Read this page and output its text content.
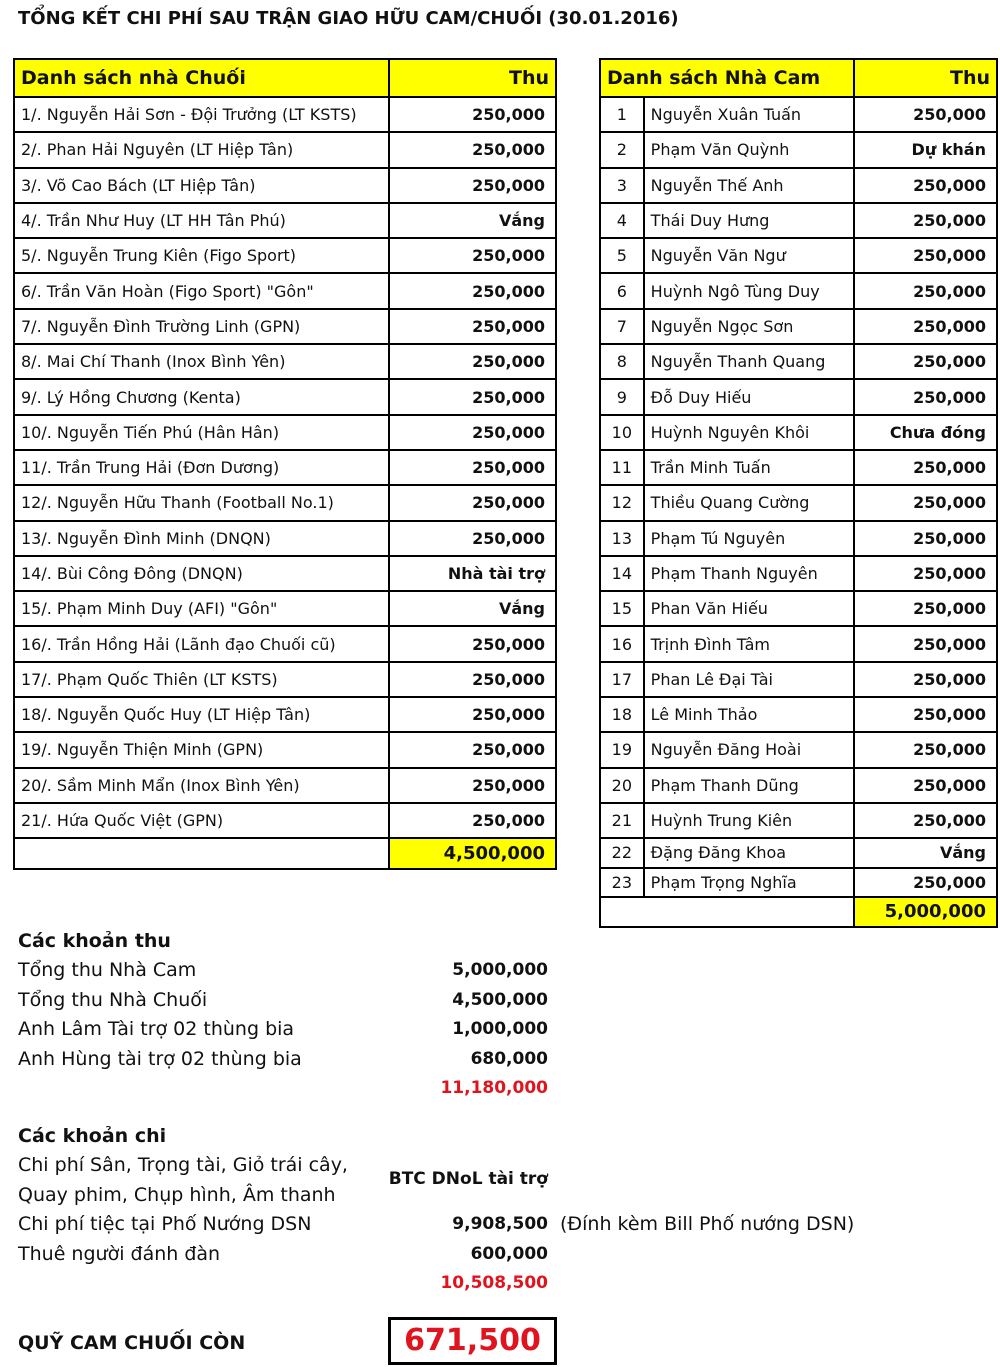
TỔNG KẾT CHI PHÍ SAU TRẬN GIAO HỮU CAM/CHUỐI (30.01.2016)
Danh sách nhà Chuối	Thu
1/. Nguyễn Hải Sơn - Đội Trưởng (LT KSTS)	250,000
2/. Phan Hải Nguyên (LT Hiệp Tân)	250,000
3/. Võ Cao Bách (LT Hiệp Tân)	250,000
4/. Trần Như Huy (LT HH Tân Phú)	Vắng
5/. Nguyễn Trung Kiên (Figo Sport)	250,000
6/. Trần Văn Hoàn (Figo Sport) "Gôn"	250,000
7/. Nguyễn Đình Trường Linh (GPN)	250,000
8/. Mai Chí Thanh (Inox Bình Yên)	250,000
9/. Lý Hồng Chương (Kenta)	250,000
10/. Nguyễn Tiến Phú (Hân Hân)	250,000
11/. Trần Trung Hải (Đơn Dương)	250,000
12/. Nguyễn Hữu Thanh (Football No.1)	250,000
13/. Nguyễn Đình Minh (DNQN)	250,000
14/. Bùi Công Đông (DNQN)	Nhà tài trợ
15/. Phạm Minh Duy (AFI) "Gôn"	Vắng
16/. Trần Hồng Hải (Lãnh đạo Chuối cũ)	250,000
17/. Phạm Quốc Thiên (LT KSTS)	250,000
18/. Nguyễn Quốc Huy (LT Hiệp Tân)	250,000
19/. Nguyễn Thiện Minh (GPN)	250,000
20/. Sầm Minh Mẩn (Inox Bình Yên)	250,000
21/. Hứa Quốc Việt (GPN)	250,000
	4,500,000
Danh sách Nhà Cam		Thu
1	Nguyễn Xuân Tuấn	250,000
2	Phạm Văn Quỳnh	Dự khán
3	Nguyễn Thế Anh	250,000
4	Thái Duy Hưng	250,000
5	Nguyễn Văn Ngư	250,000
6	Huỳnh Ngô Tùng Duy	250,000
7	Nguyễn Ngọc Sơn	250,000
8	Nguyễn Thanh Quang	250,000
9	Đỗ Duy Hiếu	250,000
10	Huỳnh Nguyên Khôi	Chưa đóng
11	Trần Minh Tuấn	250,000
12	Thiều Quang Cường	250,000
13	Phạm Tú Nguyên	250,000
14	Phạm Thanh Nguyên	250,000
15	Phan Văn Hiếu	250,000
16	Trịnh Đình Tâm	250,000
17	Phan Lê Đại Tài	250,000
18	Lê Minh Thảo	250,000
19	Nguyễn Đăng Hoài	250,000
20	Phạm Thanh Dũng	250,000
21	Huỳnh Trung Kiên	250,000
22	Đặng Đăng Khoa	Vắng
23	Phạm Trọng Nghĩa	250,000
		5,000,000
Các khoản thu
Tổng thu Nhà Cam	5,000,000
Tổng thu Nhà Chuối	4,500,000
Anh Lâm Tài trợ 02 thùng bia	1,000,000
Anh Hùng tài trợ 02 thùng bia	680,000
11,180,000
Các khoản chi
Chi phí Sân, Trọng tài, Giỏ trái cây,
Quay phim, Chụp hình, Âm thanh
BTC DNoL tài trợ
Chi phí tiệc tại Phố Nướng DSN	9,908,500 (Đính kèm Bill Phố nướng DSN)
Thuê người đánh đàn	600,000
10,508,500
QUỸ CAM CHUỐI CÒN	671,500
